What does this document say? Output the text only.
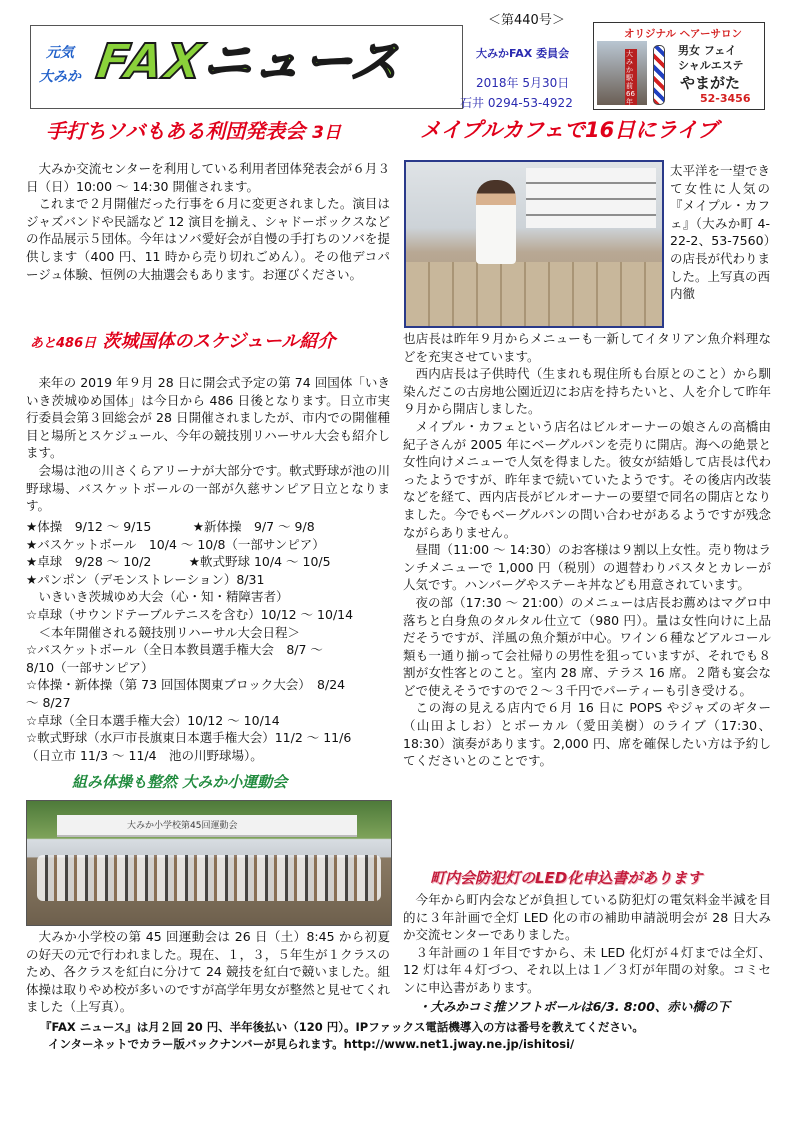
元気
大みか FAXニュース
＜第440号＞
大みかFAX 委員会
2018年 5月30日
石井 0294-53-4922
オリジナル ヘアーサロン
大みか駅前 66年
男女 フェイ
シャルエステ
やまがた
52-3456
手打ちソバもある利団発表会 3日

大みか交流センターを利用している利用者団体発表会が６月３日（日）10:00 ～ 14:30 開催されます。

これまで２月開催だった行事を６月に変更されました。演目はジャズバンドや民謡など 12 演目を揃え、シャドーボックスなどの作品展示５団体。今年はソバ愛好会が自慢の手打ちのソバを提供します（400 円、11 時から売り切れごめん）。その他デコパージュ体験、恒例の大抽選会もあります。お運びください。

あと486日 茨城国体のスケジュール紹介

来年の 2019 年９月 28 日に開会式予定の第 74 回国体「いきいき茨城ゆめ国体」は今日から 486 日後となります。日立市実行委員会第３回総会が 28 日開催されましたが、市内での開催種目と場所とスケジュール、今年の競技別リハーサル大会も紹介します。

会場は池の川さくらアリーナが大部分です。軟式野球が池の川野球場、バスケットボールの一部が久慈サンピア日立となります。

★体操　9/12 ～ 9/15　　　 ★新体操　9/7 ～ 9/8
★バスケットボール　10/4 ～ 10/8（一部サンピア）
★卓球　9/28 ～ 10/2　　　★軟式野球 10/4 ～ 10/5
★パンポン（デモンストレーション）8/31
　いきいき茨城ゆめ大会（心・知・精障害者）
☆卓球（サウンドテーブルテニスを含む）10/12 ～ 10/14
　＜本年開催される競技別リハーサル大会日程＞
☆バスケットボール（全日本教員選手権大会　8/7 ～
8/10（一部サンピア）
☆体操・新体操（第 73 回国体関東ブロック大会）　8/24
～ 8/27
☆卓球（全日本選手権大会）10/12 ～ 10/14
☆軟式野球（水戸市長旗東日本選手権大会）11/2 ～ 11/6
（日立市 11/3 ～ 11/4　池の川野球場）。
組み体操も整然 大みか小運動会
大みか小学校第45回運動会

大みか小学校の第 45 回運動会は 26 日（土）8:45 から初夏の好天の元で行われました。現在、１，３，５年生が１クラスのため、各クラスを紅白に分けて 24 競技を紅白で競いました。組体操は取りやめ校が多いのですが高学年男女が整然と見せてくれました（上写真）。

メイプルカフェで16日にライブ
太平洋を一望できて女性に人気の『メイプル・カフェ』（大みか町 4-22-2、53-7560）の店長が代わりました。上写真の西内徹

也店長は昨年９月からメニューも一新してイタリアン魚介料理などを充実させています。

西内店長は子供時代（生まれも現住所も台原とのこと）から馴染んだこの古房地公園近辺にお店を持ちたいと、人を介して昨年９月から開店しました。

メイプル・カフェという店名はビルオーナーの娘さんの高橋由紀子さんが 2005 年にベーグルパンを売りに開店。海への絶景と女性向けメニューで人気を得ました。彼女が結婚して店長は代わったようですが、昨年まで続いていたようです。その後店内改装などを経て、西内店長がビルオーナーの要望で同名の開店となりました。今でもベーグルパンの問い合わせがあるようですが残念ながらありません。

昼間（11:00 ～ 14:30）のお客様は９割以上女性。売り物はランチメニューで 1,000 円（税別）の週替わりパスタとカレーが人気です。ハンバーグやステーキ丼なども用意されています。

夜の部（17:30 ～ 21:00）のメニューは店長お薦めはマグロ中落ちと白身魚のタルタル仕立て（980 円）。量は女性向けに上品だそうですが、洋風の魚介類が中心。ワイン６種などアルコール類も一通り揃って会社帰りの男性を狙っていますが、それでも８割が女性客とのこと。室内 28 席、テラス 16 席。２階も宴会などで使えそうですので２～３千円でパーティーも引き受ける。

この海の見える店内で６月 16 日に POPS やジャズのギター（山田よしお）とボーカル（愛田美樹）のライブ（17:30、18:30）演奏があります。2,000 円、席を確保したい方は予約してくださいとのことです。

町内会防犯灯のLED化申込書があります

今年から町内会などが負担している防犯灯の電気料金半減を目的に３年計画で全灯 LED 化の市の補助申請説明会が 28 日大みか交流センターでありました。

３年計画の１年目ですから、未 LED 化灯が４灯までは全灯、12 灯は年４灯づつ、それ以上は１／３灯が年間の対象。コミセンに申込書があります。

・大みかコミ推ソフトボールは6/3. 8:00、赤い橋の下
『FAX ニュース』は月２回 20 円、半年後払い（120 円）。IPファックス電話機導入の方は番号を教えてください。
インターネットでカラー版バックナンバーが見られます。http://www.net1.jway.ne.jp/ishitosi/
